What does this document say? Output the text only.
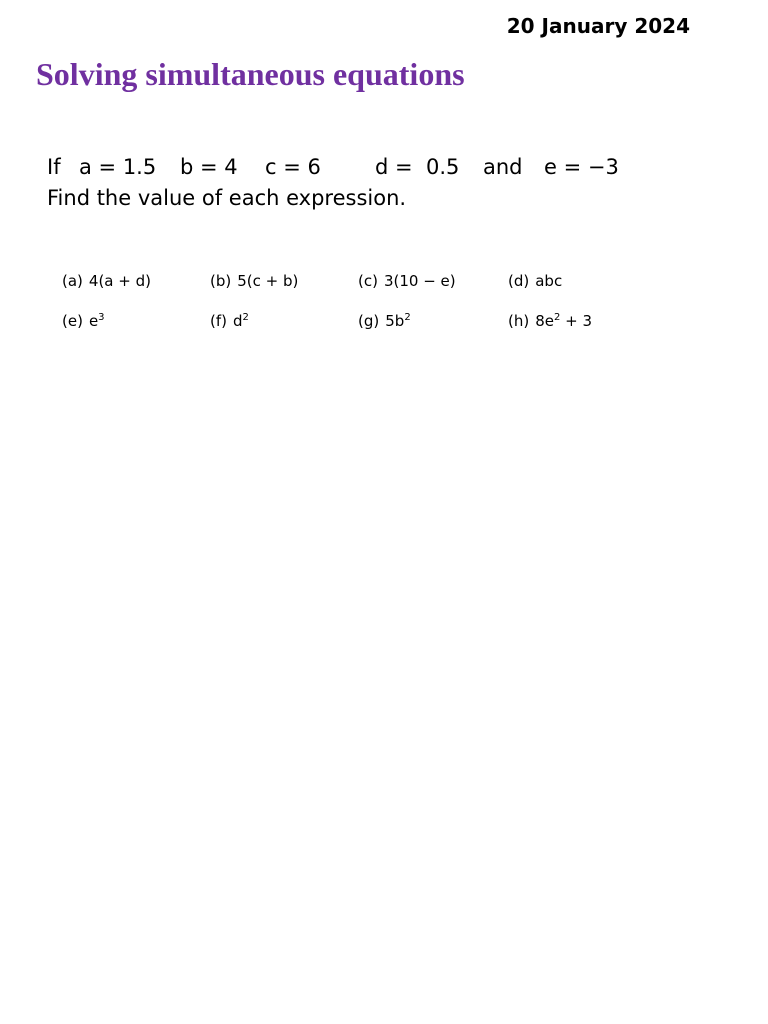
20 January 2024
Solving simultaneous equations
If a = 1.5 b = 4 c = 6	d =  0.5 and e = −3
Find the value of each expression.
(a) 4(a + d)	(b) 5(c + b)	(c) 3(10 − e)	(d) abc
(e) $e^3$	(f) $d^2$	(g) $5b^2$	(h) $8e^2 + 3$
